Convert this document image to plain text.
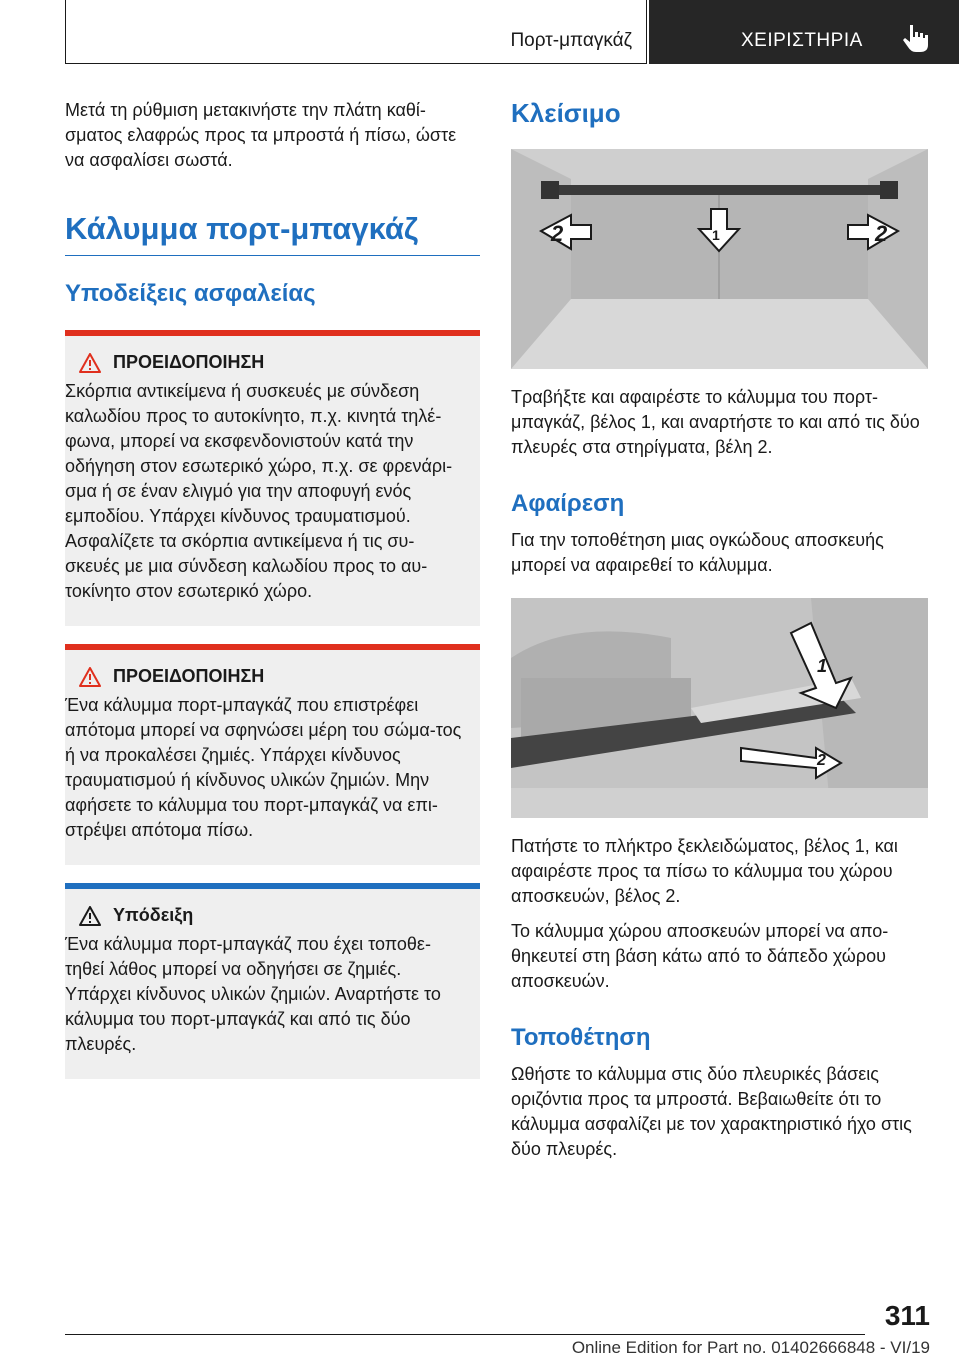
Πορτ-μπαγκάζ	ΧΕΙΡΙΣΤΗΡΙΑ

Μετά τη ρύθμιση μετακινήστε την πλάτη καθί-σματος ελαφρώς προς τα μπροστά ή πίσω, ώστε να ασφαλίσει σωστά.

Κάλυμμα πορτ-μπαγκάζ
Υποδείξεις ασφαλείας
ΠΡΟΕΙΔΟΠΟΙΗΣΗ

Σκόρπια αντικείμενα ή συσκευές με σύνδεση καλωδίου προς το αυτοκίνητο, π.χ. κινητά τηλέ-φωνα, μπορεί να εκσφενδονιστούν κατά την οδήγηση στον εσωτερικό χώρο, π.χ. σε φρενάρι-σμα ή σε έναν ελιγμό για την αποφυγή ενός εμποδίου. Υπάρχει κίνδυνος τραυματισμού. Ασφαλίζετε τα σκόρπια αντικείμενα ή τις συ-σκευές με μια σύνδεση καλωδίου προς το αυ-τοκίνητο στον εσωτερικό χώρο.

ΠΡΟΕΙΔΟΠΟΙΗΣΗ

Ένα κάλυμμα πορτ-μπαγκάζ που επιστρέφει απότομα μπορεί να σφηνώσει μέρη του σώμα-τος ή να προκαλέσει ζημιές. Υπάρχει κίνδυνος τραυματισμού ή κίνδυνος υλικών ζημιών. Μην αφήσετε το κάλυμμα του πορτ-μπαγκάζ να επι-στρέψει απότομα πίσω.

Υπόδειξη

Ένα κάλυμμα πορτ-μπαγκάζ που έχει τοποθε-τηθεί λάθος μπορεί να οδηγήσει σε ζημιές. Υπάρχει κίνδυνος υλικών ζημιών. Αναρτήστε το κάλυμμα του πορτ-μπαγκάζ και από τις δύο πλευρές.

Κλείσιμο
2	1	2

Τραβήξτε και αφαιρέστε το κάλυμμα του πορτ-μπαγκάζ, βέλος 1, και αναρτήστε το και από τις δύο πλευρές στα στηρίγματα, βέλη 2.

Αφαίρεση

Για την τοποθέτηση μιας ογκώδους αποσκευής μπορεί να αφαιρεθεί το κάλυμμα.

1
2

Πατήστε το πλήκτρο ξεκλειδώματος, βέλος 1, και αφαιρέστε προς τα πίσω το κάλυμμα του χώρου αποσκευών, βέλος 2.

Το κάλυμμα χώρου αποσκευών μπορεί να απο-θηκευτεί στη βάση κάτω από το δάπεδο χώρου αποσκευών.

Τοποθέτηση

Ωθήστε το κάλυμμα στις δύο πλευρικές βάσεις οριζόντια προς τα μπροστά. Βεβαιωθείτε ότι το κάλυμμα ασφαλίζει με τον χαρακτηριστικό ήχο στις δύο πλευρές.

311
Online Edition for Part no. 01402666848 - VI/19
